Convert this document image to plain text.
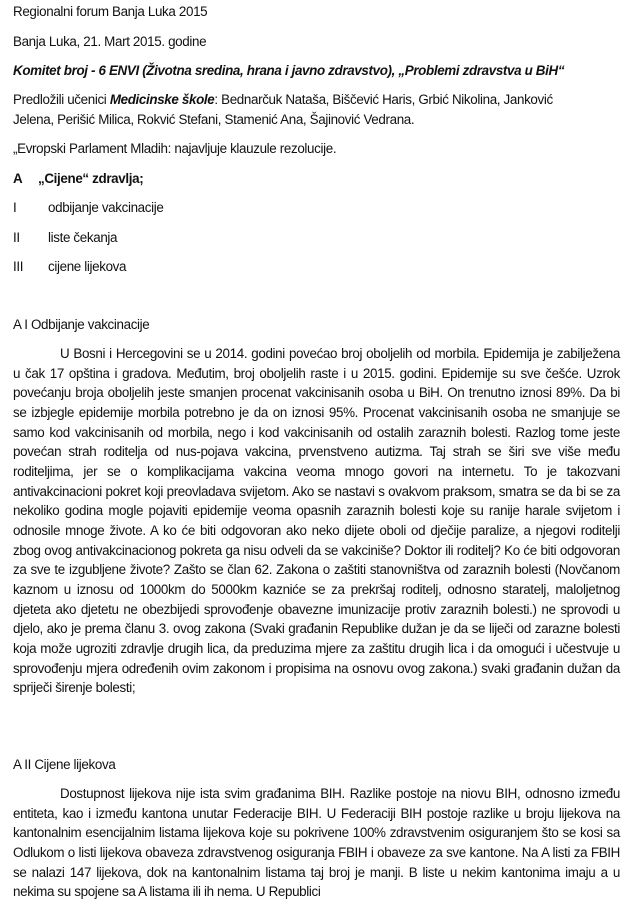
Regionalni forum Banja Luka 2015
Banja Luka, 21. Mart 2015. godine
Komitet broj - 6 ENVI (Životna sredina, hrana i javno zdravstvo), „Problemi zdravstva u BiH“
Predložili učenici Medicinske škole: Bednarčuk Nataša, Biščević Haris, Grbić Nikolina, Janković
Jelena, Perišić Milica, Rokvić Stefani, Stamenić Ana, Šajinović Vedrana.
„Evropski Parlament Mladih: najavljuje klauzule rezolucije.
A „Cijene“ zdravlja;
I odbijanje vakcinacije
II liste čekanja
III cijene lijekova
A I Odbijanje vakcinacije
U Bosni i Hercegovini se u 2014. godini povećao broj oboljelih od morbila. Epidemija je zabilježena u čak 17 opština i gradova. Međutim, broj oboljelih raste i u 2015. godini. Epidemije su sve češće. Uzrok povećanju broja oboljelih jeste smanjen procenat vakcinisanih osoba u BiH. On trenutno iznosi 89%. Da bi se izbjegle epidemije morbila potrebno je da on iznosi 95%. Procenat vakcinisanih osoba ne smanjuje se samo kod vakcinisanih od morbila, nego i kod vakcinisanih od ostalih zaraznih bolesti. Razlog tome jeste povećan strah roditelja od nus-pojava vakcina, prvenstveno autizma. Taj strah se širi sve više među roditeljima, jer se o komplikacijama vakcina veoma mnogo govori na internetu. To je takozvani antivakcinacioni pokret koji preovladava svijetom. Ako se nastavi s ovakvom praksom, smatra se da bi se za nekoliko godina mogle pojaviti epidemije veoma opasnih zaraznih bolesti koje su ranije harale svijetom i odnosile mnoge živote. A ko će biti odgovoran ako neko dijete oboli od dječije paralize, a njegovi roditelji zbog ovog antivakcinacionog pokreta ga nisu odveli da se vakciniše? Doktor ili roditelj? Ko će biti odgovoran za sve te izgubljene živote? Zašto se član 62. Zakona o zaštiti stanovništva od zaraznih bolesti (Novčanom kaznom u iznosu od 1000km do 5000km kazniće se za prekršaj roditelj, odnosno staratelj, maloljetnog djeteta ako djetetu ne obezbijedi sprovođenje obavezne imunizacije protiv zaraznih bolesti.) ne sprovodi u djelo, ako je prema članu 3. ovog zakona (Svaki građanin Republike dužan je da se liječi od zarazne bolesti koja može ugroziti zdravlje drugih lica, da preduzima mjere za zaštitu drugih lica i da omogući i učestvuje u sprovođenju mjera određenih ovim zakonom i propisima na osnovu ovog zakona.) svaki građanin dužan da spriječi širenje bolesti;
A II Cijene lijekova
Dostupnost lijekova nije ista svim građanima BIH. Razlike postoje na niovu BIH, odnosno između entiteta, kao i između kantona unutar Federacije BIH. U Federaciji BIH postoje razlike u broju lijekova na kantonalnim esencijalnim listama lijekova koje su pokrivene 100% zdravstvenim osiguranjem što se kosi sa Odlukom o listi lijekova obaveza zdravstvenog osiguranja FBIH i obaveze za sve kantone. Na A listi za FBIH se nalazi 147 lijekova, dok na kantonalnim listama taj broj je manji. B liste u nekim kantonima imaju a u nekima su spojene sa A listama ili ih nema. U Republici
